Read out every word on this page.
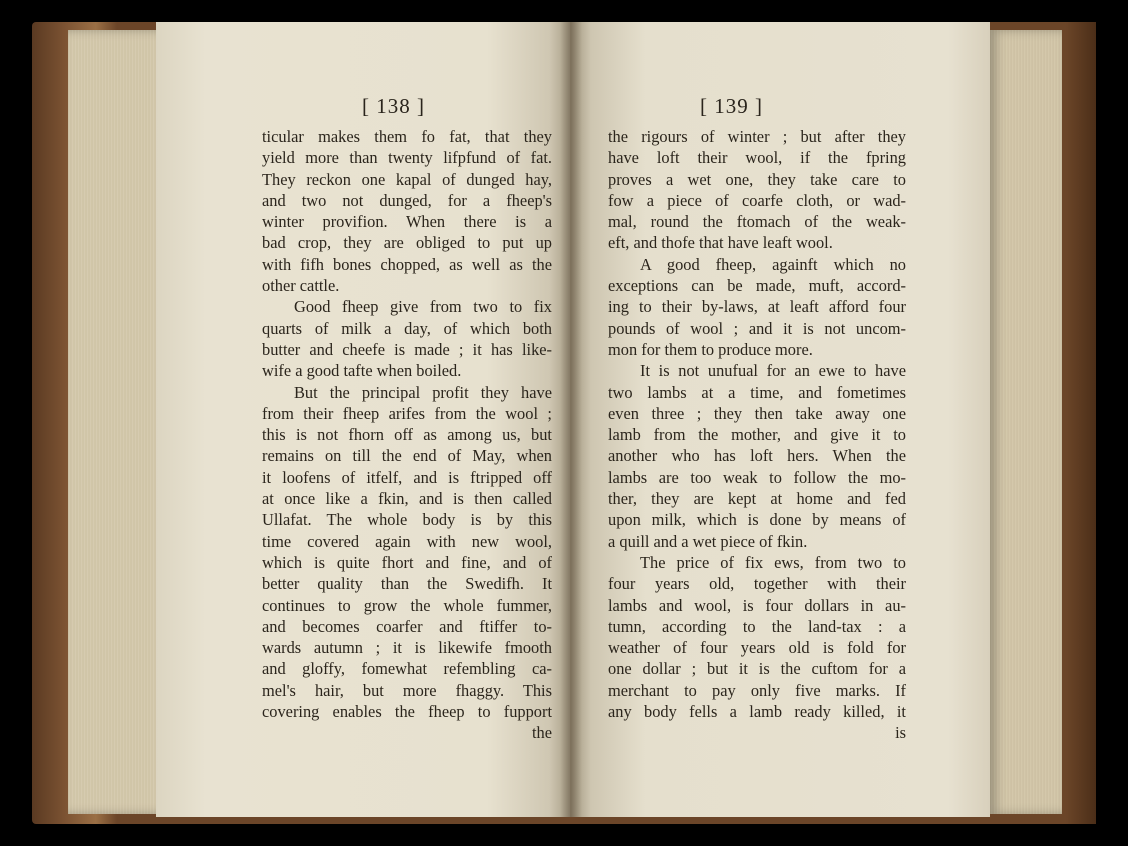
[ 138 ]
ticular makes them fo fat, that they
yield more than twenty lifpfund of fat.
They reckon one kapal of dunged hay,
and two not dunged, for a fheep's
winter provifion. When there is a
bad crop, they are obliged to put up
with fifh bones chopped, as well as the
other cattle.
Good fheep give from two to fix
quarts of milk a day, of which both
butter and cheefe is made ; it has like-
wife a good tafte when boiled.
But the principal profit they have
from their fheep arifes from the wool ;
this is not fhorn off as among us, but
remains on till the end of May, when
it loofens of itfelf, and is ftripped off
at once like a fkin, and is then called
Ullafat. The whole body is by this
time covered again with new wool,
which is quite fhort and fine, and of
better quality than the Swedifh. It
continues to grow the whole fummer,
and becomes coarfer and ftiffer to-
wards autumn ; it is likewife fmooth
and gloffy, fomewhat refembling ca-
mel's hair, but more fhaggy. This
covering enables the fheep to fupport
the
[ 139 ]
the rigours of winter ; but after they
have loft their wool, if the fpring
proves a wet one, they take care to
fow a piece of coarfe cloth, or wad-
mal, round the ftomach of the weak-
eft, and thofe that have leaft wool.
A good fheep, againft which no
exceptions can be made, muft, accord-
ing to their by-laws, at leaft afford four
pounds of wool ; and it is not uncom-
mon for them to produce more.
It is not unufual for an ewe to have
two lambs at a time, and fometimes
even three ; they then take away one
lamb from the mother, and give it to
another who has loft hers. When the
lambs are too weak to follow the mo-
ther, they are kept at home and fed
upon milk, which is done by means of
a quill and a wet piece of fkin.
The price of fix ews, from two to
four years old, together with their
lambs and wool, is four dollars in au-
tumn, according to the land-tax : a
weather of four years old is fold for
one dollar ; but it is the cuftom for a
merchant to pay only five marks. If
any body fells a lamb ready killed, it
is
